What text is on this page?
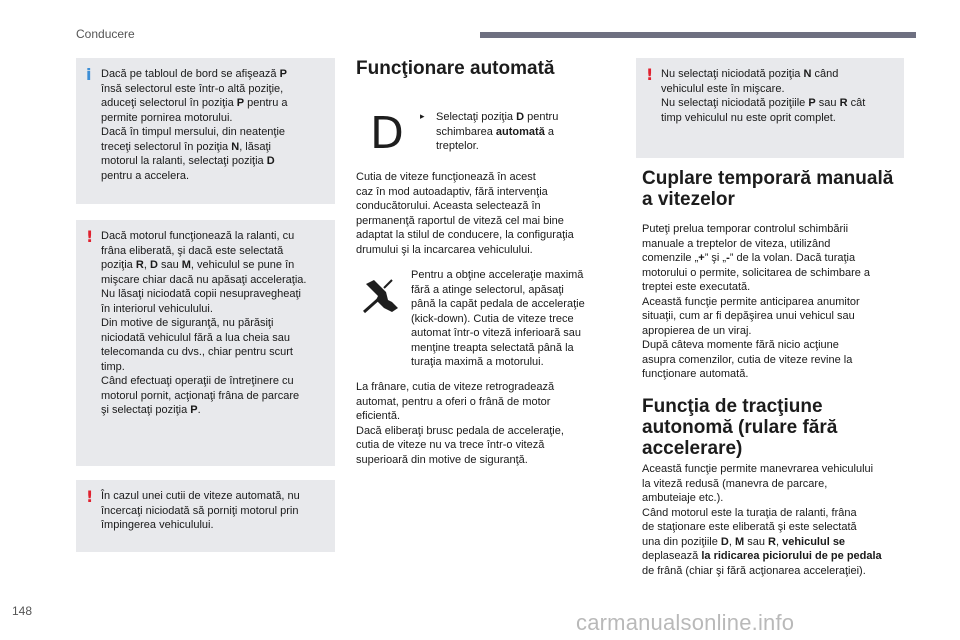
Conducere
i Dacă pe tabloul de bord se afişează P
însă selectorul este într-o altă poziţie,
aduceţi selectorul în poziţia P pentru a
permite pornirea motorului.
Dacă în timpul mersului, din neatenţie
treceţi selectorul în poziţia N, lăsaţi
motorul la ralanti, selectaţi poziţia D
pentru a accelera.
! Dacă motorul funcţionează la ralanti, cu
frâna eliberată, şi dacă este selectată
poziţia R, D sau M, vehiculul se pune în
mişcare chiar dacă nu apăsaţi acceleraţia.
Nu lăsaţi niciodată copii nesupravegheaţi
în interiorul vehiculului.
Din motive de siguranţă, nu părăsiţi
niciodată vehiculul fără a lua cheia sau
telecomanda cu dvs., chiar pentru scurt
timp.
Când efectuaţi operaţii de întreţinere cu
motorul pornit, acţionaţi frâna de parcare
şi selectaţi poziţia P.
! În cazul unei cutii de viteze automată, nu
încercaţi niciodată să porniţi motorul prin
împingerea vehiculului.
Funcţionare automată
D ▸ Selectaţi poziţia D pentru
schimbarea automată a
treptelor.
Cutia de viteze funcţionează în acest
caz în mod autoadaptiv, fără intervenţia
conducătorului. Aceasta selectează în
permanenţă raportul de viteză cel mai bine
adaptat la stilul de conducere, la configuraţia
drumului şi la incarcarea vehiculului.
Pentru a obţine acceleraţie maximă
fără a atinge selectorul, apăsaţi
până la capăt pedala de acceleraţie
(kick-down). Cutia de viteze trece
automat într-o viteză inferioară sau
menţine treapta selectată până la
turaţia maximă a motorului.
La frânare, cutia de viteze retrogradează
automat, pentru a oferi o frână de motor
eficientă.
Dacă eliberaţi brusc pedala de acceleraţie,
cutia de viteze nu va trece într-o viteză
superioară din motive de siguranţă.
! Nu selectaţi niciodată poziţia N când
vehiculul este în mişcare.
Nu selectaţi niciodată poziţiile P sau R cât
timp vehiculul nu este oprit complet.
Cuplare temporară manuală
a vitezelor
Puteţi prelua temporar controlul schimbării
manuale a treptelor de viteza, utilizând
comenzile „+” şi „-” de la volan. Dacă turaţia
motorului o permite, solicitarea de schimbare a
treptei este executată.
Aceastǎ funcţie permite anticiparea anumitor
situaţii, cum ar fi depăşirea unui vehicul sau
apropierea de un viraj.
După câteva momente fără nicio acţiune
asupra comenzilor, cutia de viteze revine la
funcţionare automată.
Funcţia de tracţiune
autonomă (rulare fără
accelerare)
Această funcţie permite manevrarea vehiculului
la viteză redusă (manevra de parcare,
ambuteiaje etc.).
Când motorul este la turaţia de ralanti, frâna
de staţionare este eliberată şi este selectată
una din poziţiile D, M sau R, vehiculul se
deplasează la ridicarea piciorului de pe pedala
de frână (chiar şi fără acţionarea acceleraţiei).
148	carmanualsonline.info
